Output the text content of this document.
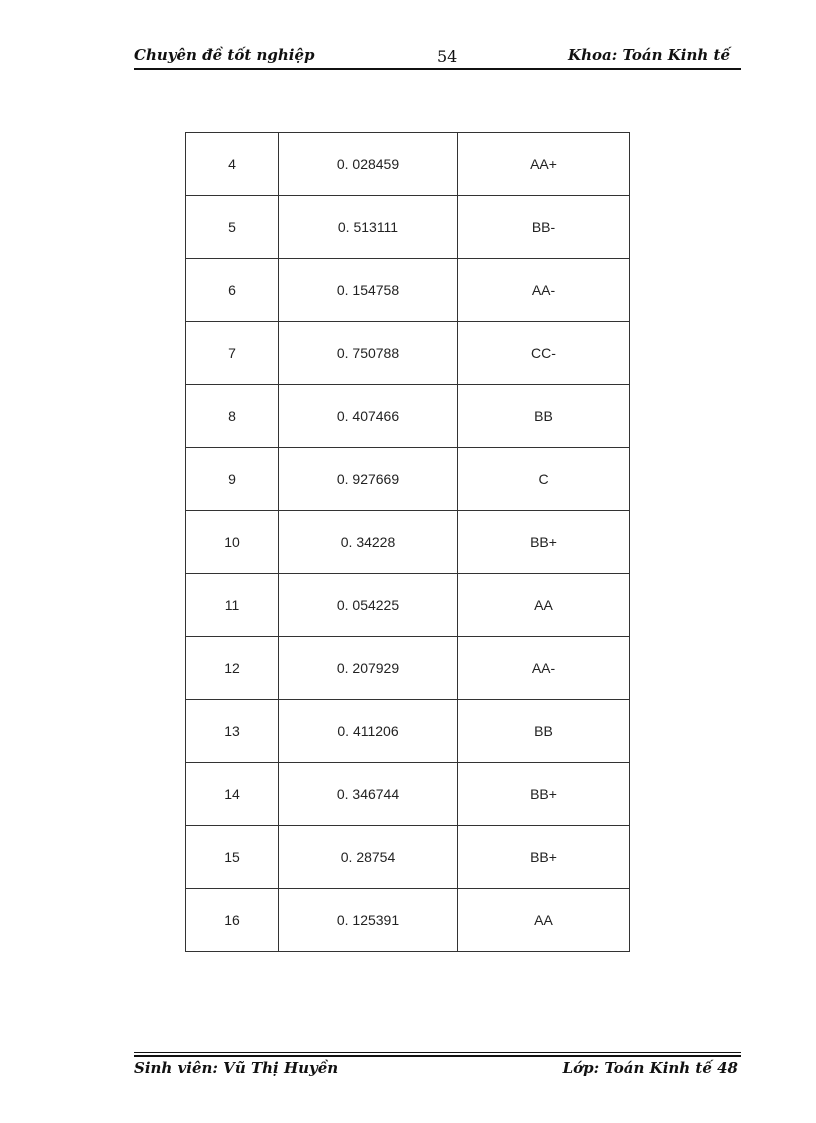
Chuyên đề tốt nghiệp	54	Khoa: Toán Kinh tế
4	0. 028459	AA+
5	0. 513111	BB-
6	0. 154758	AA-
7	0. 750788	CC-
8	0. 407466	BB
9	0. 927669	C
10	0. 34228	BB+
11	0. 054225	AA
12	0. 207929	AA-
13	0. 411206	BB
14	0. 346744	BB+
15	0. 28754	BB+
16	0. 125391	AA
Sinh viên: Vũ Thị Huyền	Lớp: Toán Kinh tế 48
